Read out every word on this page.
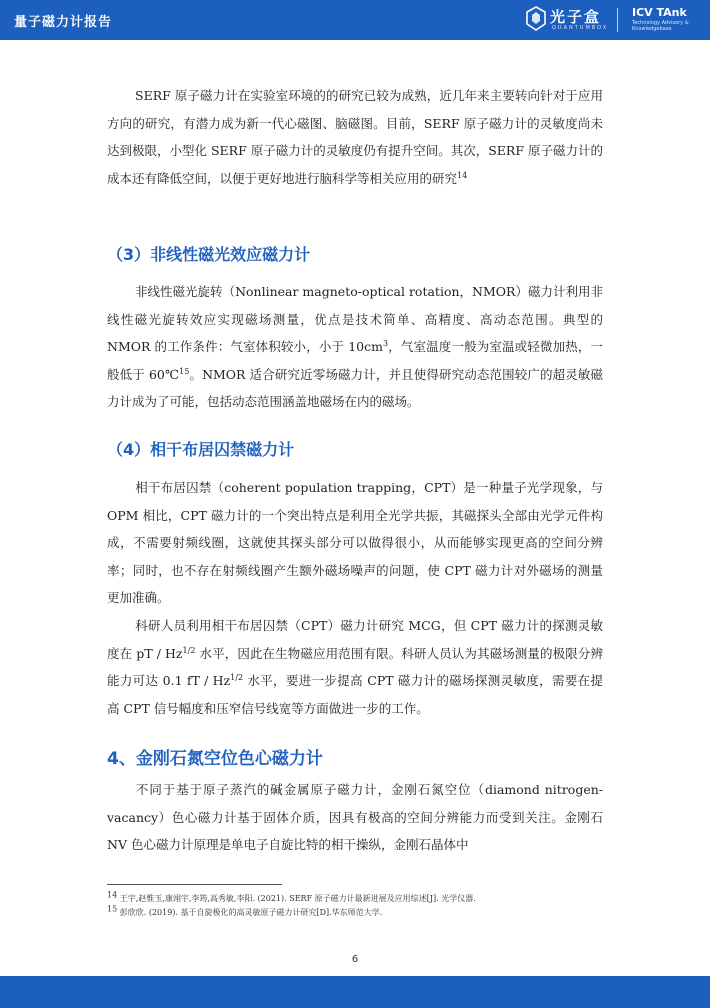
量子磁力计报告	光子盒
QUANTUMBOX
ICV TAnk
Technology Advisory & Knowledgebase

SERF 原子磁力计在实验室环境的的研究已较为成熟，近几年来主要转向针对于应用方向的研究，有潜力成为新一代心磁图、脑磁图。目前，SERF 原子磁力计的灵敏度尚未达到极限，小型化 SERF 原子磁力计的灵敏度仍有提升空间。其次，SERF 原子磁力计的成本还有降低空间，以便于更好地进行脑科学等相关应用的研究$^{14}$

（3）非线性磁光效应磁力计

非线性磁光旋转（Nonlinear magneto-optical rotation，NMOR）磁力计利用非线性磁光旋转效应实现磁场测量，优点是技术简单、高精度、高动态范围。典型的 NMOR 的工作条件：气室体积较小，小于 $10cm^3$，气室温度一般为室温或轻微加热，一般低于 60℃$^{15}$。NMOR 适合研究近零场磁力计，并且使得研究动态范围较广的超灵敏磁力计成为了可能，包括动态范围涵盖地磁场在内的磁场。

（4）相干布居囚禁磁力计

相干布居囚禁（coherent population trapping，CPT）是一种量子光学现象，与 OPM 相比，CPT 磁力计的一个突出特点是利用全光学共振，其磁探头全部由光学元件构成，不需要射频线圈，这就使其探头部分可以做得很小，从而能够实现更高的空间分辨率；同时，也不存在射频线圈产生额外磁场噪声的问题，使 CPT 磁力计对外磁场的测量更加准确。

科研人员利用相干布居囚禁（CPT）磁力计研究 MCG，但 CPT 磁力计的探测灵敏度在 pT / $Hz^{1/2}$ 水平，因此在生物磁应用范围有限。科研人员认为其磁场测量的极限分辨能力可达 0.1 fT / $Hz^{1/2}$ 水平，要进一步提高 CPT 磁力计的磁场探测灵敏度，需要在提高 CPT 信号幅度和压窄信号线宽等方面做进一步的工作。

4、金刚石氮空位色心磁力计

不同于基于原子蒸汽的碱金属原子磁力计，金刚石氮空位（diamond nitrogen-vacancy）色心磁力计基于固体介质，因具有极高的空间分辨能力而受到关注。金刚石 NV 色心磁力计原理是单电子自旋比特的相干操纵，金刚石晶体中

$^{14}$ 王宇,赵惟玉,康翊宇,李筠,高秀敏,李阳. (2021). SERF 原子磁力计最新进展及应用综述[J]. 光学仪器.

$^{15}$ 彭欣欣. (2019). 基于自旋极化的高灵敏原子磁力计研究[D].华东师范大学.

6
